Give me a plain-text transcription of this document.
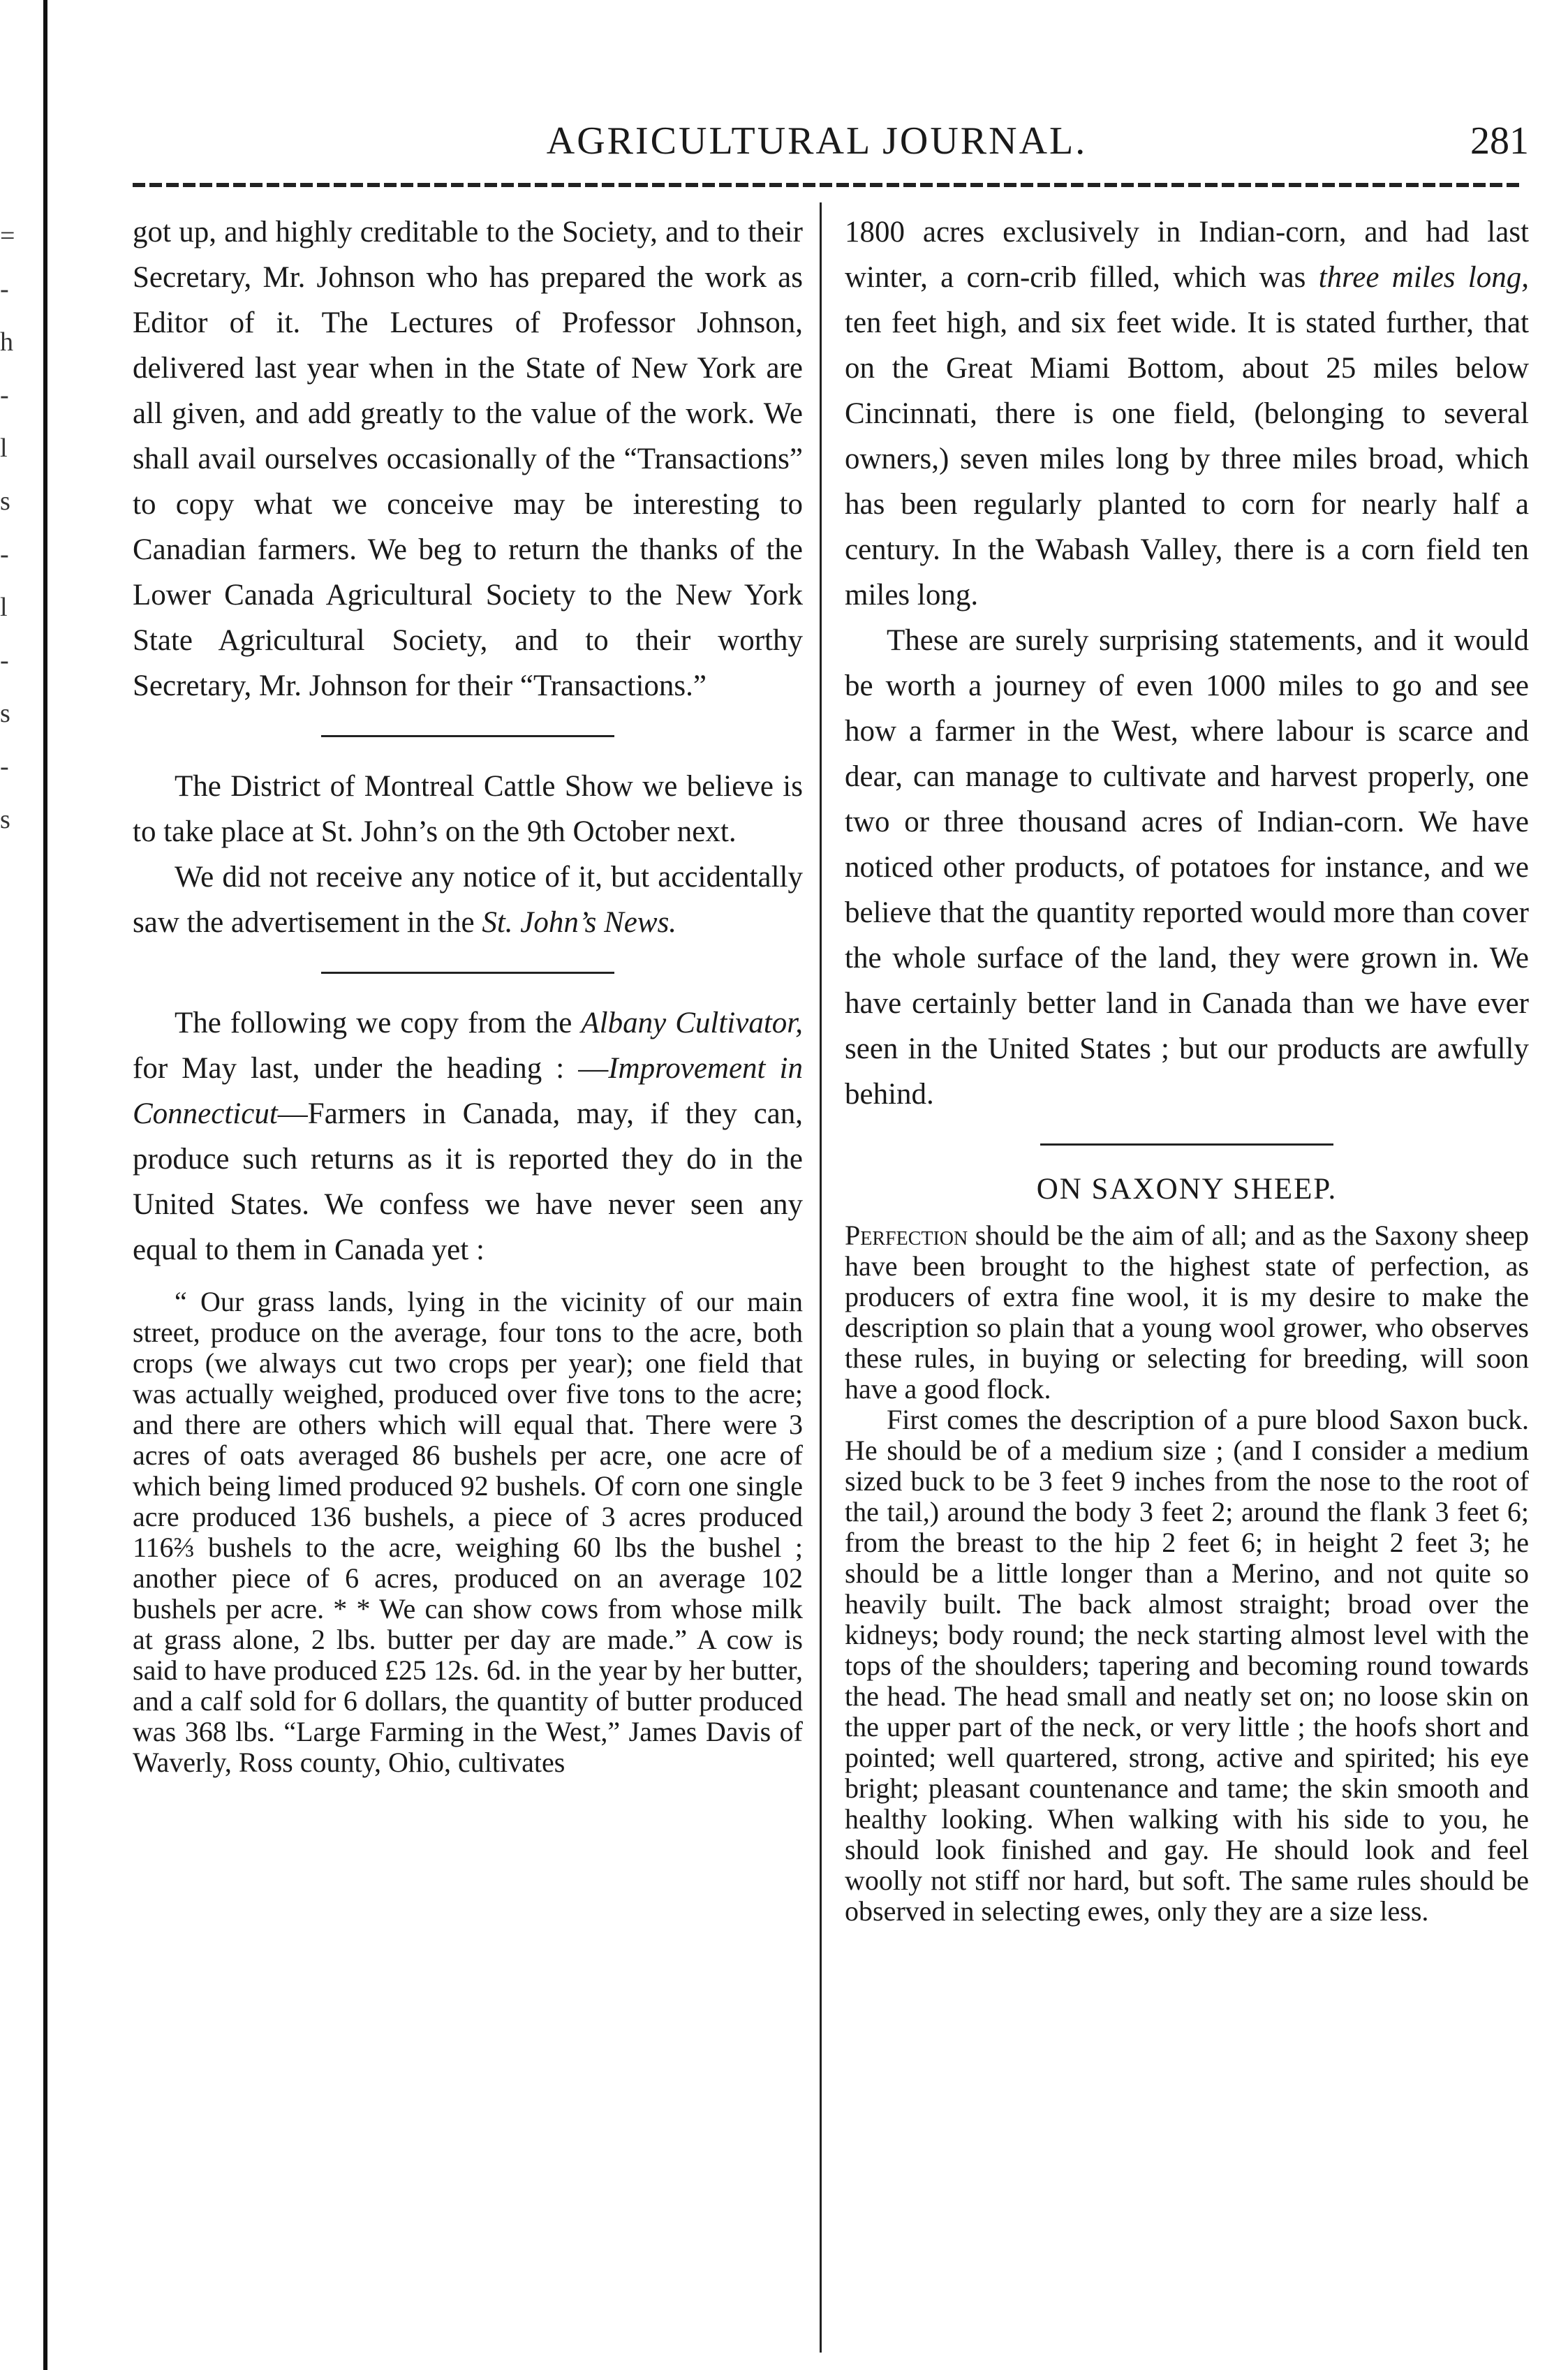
=
-
h
-
l
s
-
l
-
s
-
s
AGRICULTURAL JOURNAL.	281

got up, and highly creditable to the Society, and to their Secretary, Mr. Johnson who has prepared the work as Editor of it. The Lectures of Professor Johnson, delivered last year when in the State of New York are all given, and add greatly to the value of the work. We shall avail ourselves occasionally of the “Transactions” to copy what we conceive may be interesting to Canadian farmers. We beg to return the thanks of the Lower Canada Agricultural Society to the New York State Agricultural Society, and to their worthy Secretary, Mr. Johnson for their “Transactions.”

The District of Montreal Cattle Show we believe is to take place at St. John’s on the 9th October next.

We did not receive any notice of it, but accidentally saw the advertisement in the St. John’s News.

The following we copy from the Albany Cultivator, for May last, under the heading : —Improvement in Connecticut—Farmers in Canada, may, if they can, produce such returns as it is reported they do in the United States. We confess we have never seen any equal to them in Canada yet :

“ Our grass lands, lying in the vicinity of our main street, produce on the average, four tons to the acre, both crops (we always cut two crops per year); one field that was actually weighed, produced over five tons to the acre; and there are others which will equal that. There were 3 acres of oats averaged 86 bushels per acre, one acre of which being limed produced 92 bushels. Of corn one single acre produced 136 bushels, a piece of 3 acres produced 116⅔ bushels to the acre, weighing 60 lbs the bushel ; another piece of 6 acres, produced on an average 102 bushels per acre. * * We can show cows from whose milk at grass alone, 2 lbs. butter per day are made.” A cow is said to have produced £25 12s. 6d. in the year by her butter, and a calf sold for 6 dollars, the quantity of butter produced was 368 lbs. “Large Farming in the West,” James Davis of Waverly, Ross county, Ohio, cultivates

1800 acres exclusively in Indian-corn, and had last winter, a corn-crib filled, which was three miles long, ten feet high, and six feet wide. It is stated further, that on the Great Miami Bottom, about 25 miles below Cincinnati, there is one field, (belonging to several owners,) seven miles long by three miles broad, which has been regularly planted to corn for nearly half a century. In the Wabash Valley, there is a corn field ten miles long.

These are surely surprising statements, and it would be worth a journey of even 1000 miles to go and see how a farmer in the West, where labour is scarce and dear, can manage to cultivate and harvest properly, one two or three thousand acres of Indian-corn. We have noticed other products, of potatoes for instance, and we believe that the quantity reported would more than cover the whole surface of the land, they were grown in. We have certainly better land in Canada than we have ever seen in the United States ; but our products are awfully behind.

ON SAXONY SHEEP.

Perfection should be the aim of all; and as the Saxony sheep have been brought to the highest state of perfection, as producers of extra fine wool, it is my desire to make the description so plain that a young wool grower, who observes these rules, in buying or selecting for breeding, will soon have a good flock.

First comes the description of a pure blood Saxon buck. He should be of a medium size ; (and I consider a medium sized buck to be 3 feet 9 inches from the nose to the root of the tail,) around the body 3 feet 2; around the flank 3 feet 6; from the breast to the hip 2 feet 6; in height 2 feet 3; he should be a little longer than a Merino, and not quite so heavily built. The back almost straight; broad over the kidneys; body round; the neck starting almost level with the tops of the shoulders; tapering and becoming round towards the head. The head small and neatly set on; no loose skin on the upper part of the neck, or very little ; the hoofs short and pointed; well quartered, strong, active and spirited; his eye bright; pleasant countenance and tame; the skin smooth and healthy looking. When walking with his side to you, he should look finished and gay. He should look and feel woolly not stiff nor hard, but soft. The same rules should be observed in selecting ewes, only they are a size less.
